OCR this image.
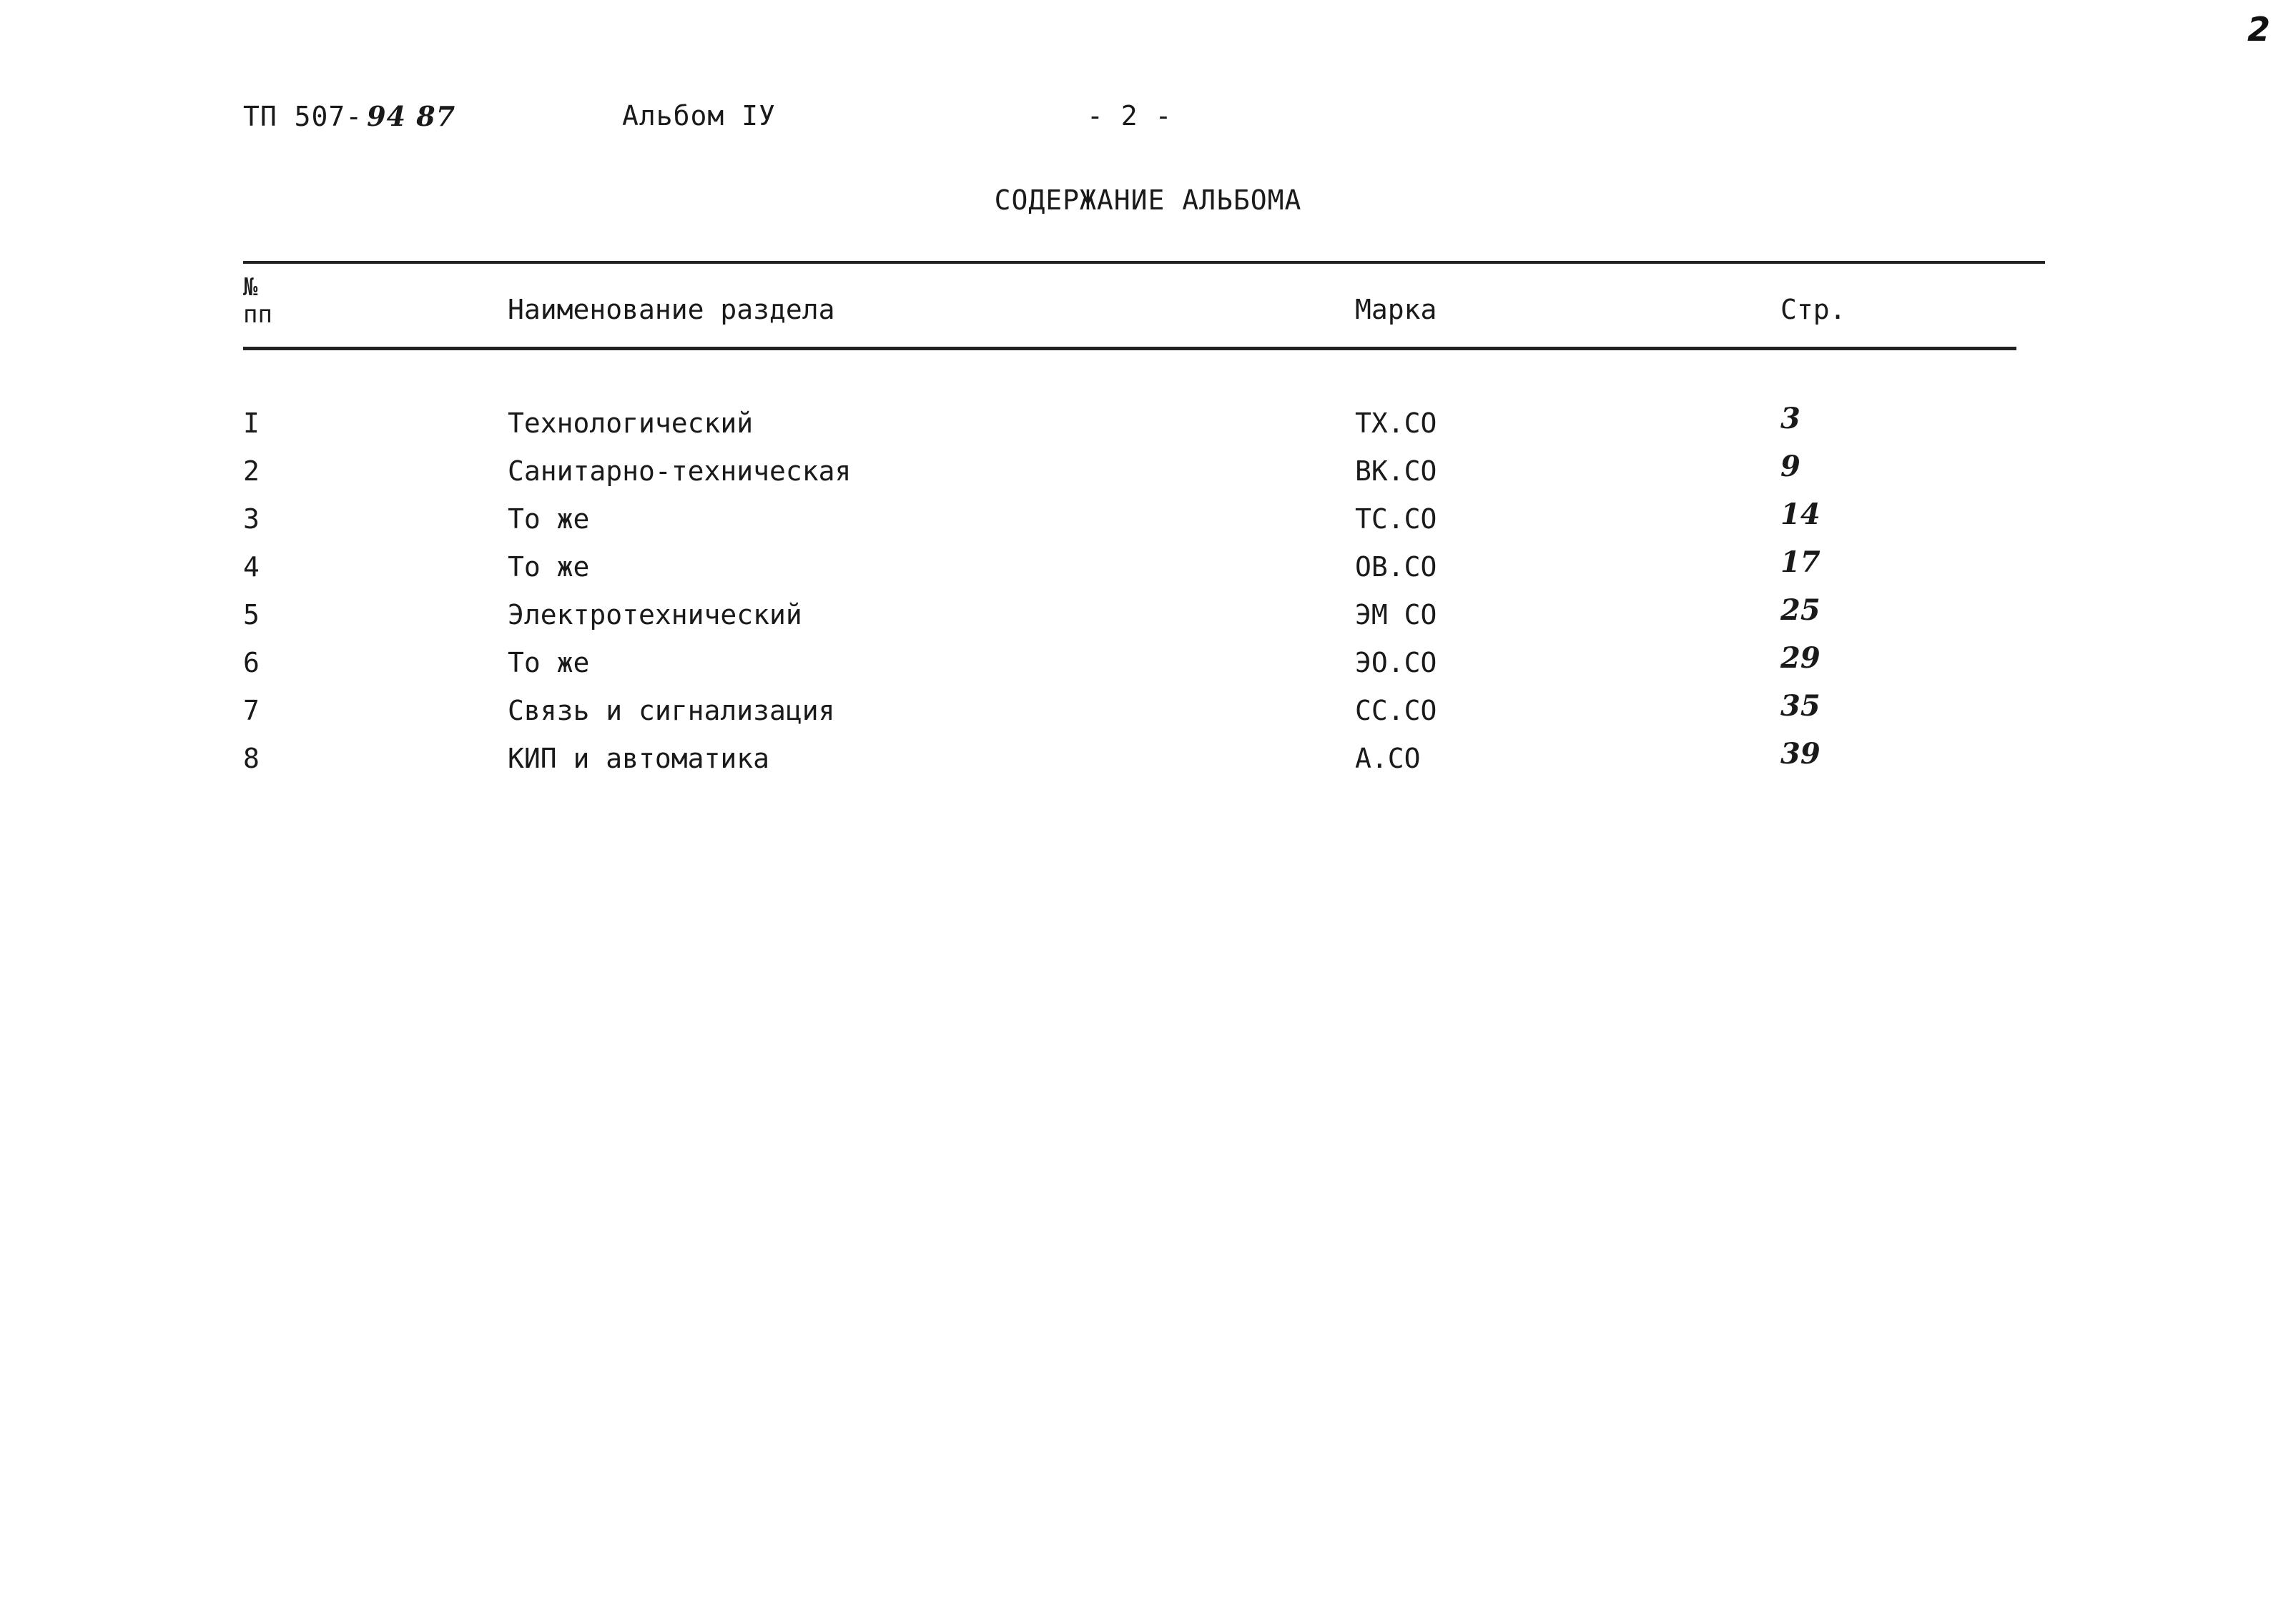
2
ТП 507- 94 87	Альбом IУ	- 2 -
СОДЕРЖАНИЕ АЛЬБОМА
№
пп	Наименование раздела	Марка	Стр.
I	Технологический	ТХ.СО	3
2	Санитарно-техническая	ВК.СО	9
3	То же	ТС.СО	14
4	То же	ОВ.СО	17
5	Электротехнический	ЭМ СО	25
6	То же	ЭО.СО	29
7	Связь и сигнализация	СС.СО	35
8	КИП и автоматика	А.СО	39
